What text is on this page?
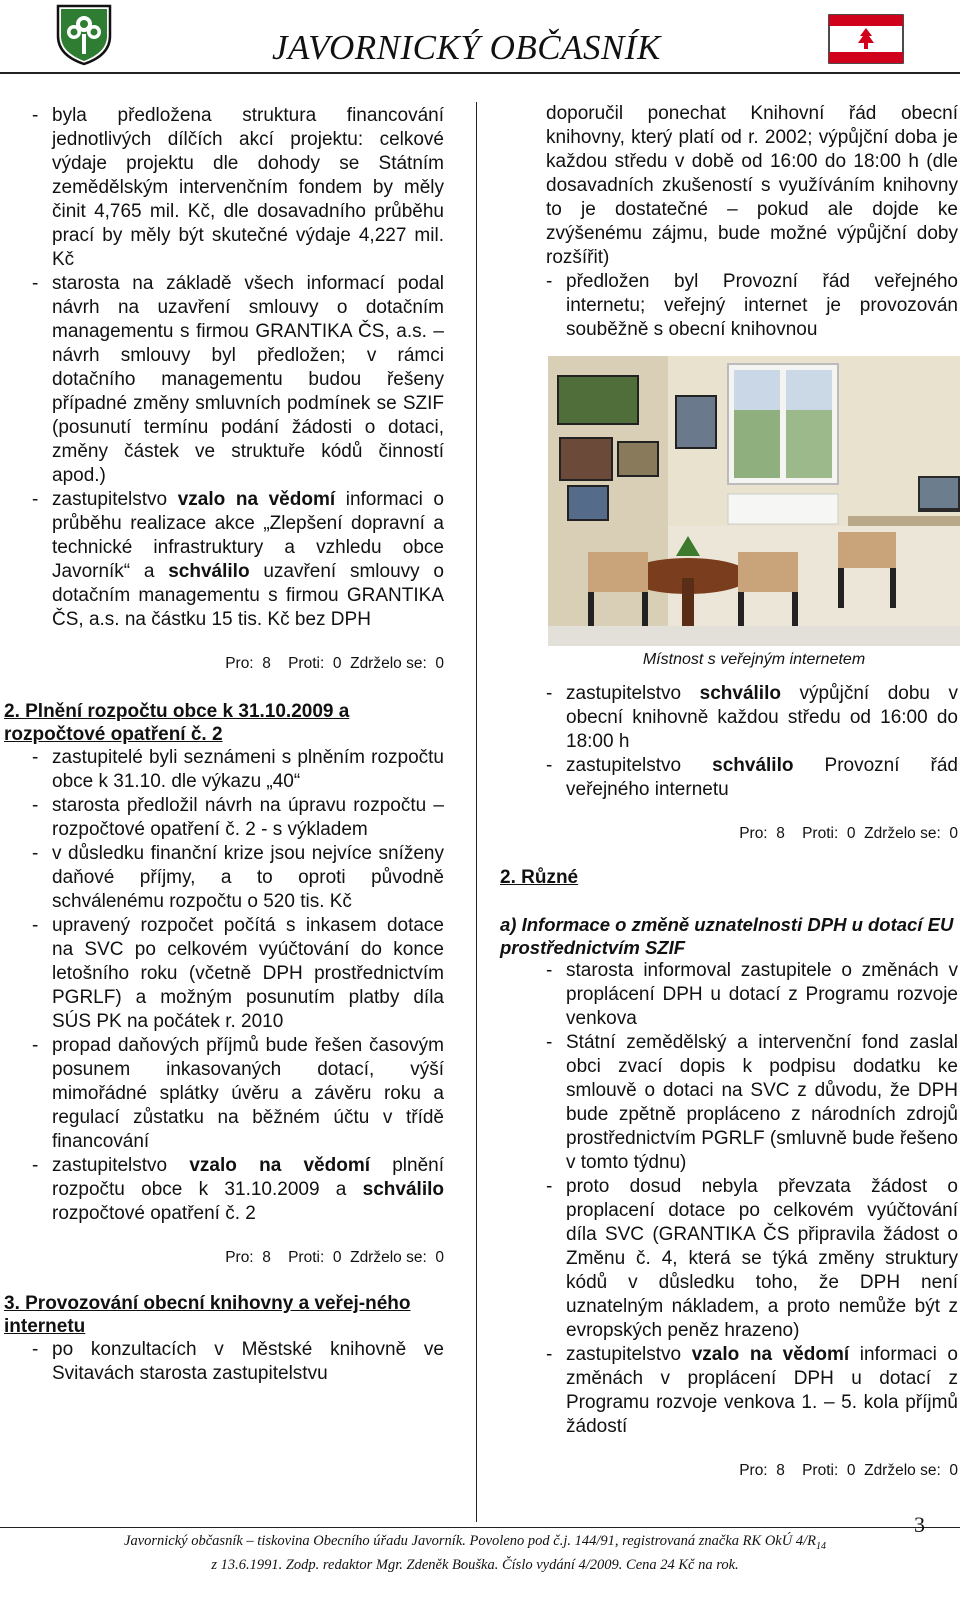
JAVORNICKÝ OBČASNÍK
- byla předložena struktura financování jednotlivých dílčích akcí projektu: celkové výdaje projektu dle dohody se Státním zemědělským intervenčním fondem by měly činit 4,765 mil. Kč, dle dosavadního průběhu prací by měly být skutečné výdaje 4,227 mil. Kč
- starosta na základě všech informací podal návrh na uzavření smlouvy o dotačním managementu s firmou GRANTIKA ČS, a.s. – návrh smlouvy byl předložen; v rámci dotačního managementu budou řešeny případné změny smluvních podmínek se SZIF (posunutí termínu podání žádosti o dotaci, změny částek ve struktuře kódů činností apod.)
- zastupitelstvo vzalo na vědomí informaci o průběhu realizace akce „Zlepšení dopravní a technické infrastruktury a vzhledu obce Javorník“ a schválilo uzavření smlouvy o dotačním managementu s firmou GRANTIKA ČS, a.s. na částku 15 tis. Kč bez DPH
Pro:  8    Proti:  0  Zdrželo se:  0
2. Plnění rozpočtu obce k 31.10.2009 a rozpočtové opatření č. 2
- zastupitelé byli seznámeni s plněním rozpočtu obce k 31.10. dle výkazu „40“
- starosta předložil návrh na úpravu rozpočtu – rozpočtové opatření č. 2 - s výkladem
- v důsledku finanční krize jsou nejvíce sníženy daňové příjmy, a to oproti původně schválenému rozpočtu o 520 tis. Kč
- upravený rozpočet počítá s inkasem dotace na SVC po celkovém vyúčtování do konce letošního roku (včetně DPH prostřednictvím PGRLF) a možným posunutím platby díla SÚS PK na počátek r. 2010
- propad daňových příjmů bude řešen časovým posunem inkasovaných dotací, výší mimořádné splátky úvěru a závěru roku a regulací zůstatku na běžném účtu v třídě financování
- zastupitelstvo vzalo na vědomí plnění rozpočtu obce k 31.10.2009 a schválilo rozpočtové opatření č. 2
Pro:  8    Proti:  0  Zdrželo se:  0
3. Provozování obecní knihovny a veřej-ného internetu
- po konzultacích v Městské knihovně ve Svitavách starosta zastupitelstvu
doporučil ponechat Knihovní řád obecní knihovny, který platí od r. 2002; výpůjční doba je každou středu v době od 16:00 do 18:00 h (dle dosavadních zkušeností s využíváním knihovny to je dostatečné – pokud ale dojde ke zvýšenému zájmu, bude možné výpůjční doby rozšířit)
- předložen byl Provozní řád veřejného internetu; veřejný internet je provozován souběžně s obecní knihovnou
Místnost s veřejným internetem
- zastupitelstvo schválilo výpůjční dobu v obecní knihovně každou středu od 16:00 do 18:00 h
- zastupitelstvo schválilo Provozní řád veřejného internetu
Pro:  8    Proti:  0  Zdrželo se:  0
2. Různé
a) Informace o změně uznatelnosti DPH u dotací EU prostřednictvím SZIF
- starosta informoval zastupitele o změnách v proplácení DPH u dotací z Programu rozvoje venkova
- Státní zemědělský a intervenční fond zaslal obci zvací dopis k podpisu dodatku ke smlouvě o dotaci na SVC z důvodu, že DPH bude zpětně propláceno z národních zdrojů prostřednictvím PGRLF (smluvně bude řešeno v tomto týdnu)
- proto dosud nebyla převzata žádost o proplacení dotace po celkovém vyúčtování díla SVC (GRANTIKA ČS připravila žádost o Změnu č. 4, která se týká změny struktury kódů v důsledku toho, že DPH není uznatelným nákladem, a proto nemůže být z evropských peněz hrazeno)
- zastupitelstvo vzalo na vědomí informaci o změnách v proplácení DPH u dotací z Programu rozvoje venkova 1. – 5. kola příjmů žádostí
Pro:  8    Proti:  0  Zdrželo se:  0
Javornický občasník – tiskovina Obecního úřadu Javorník. Povoleno pod č.j. 144/91, registrovaná značka RK OkÚ $4/R_{14}$
z 13.6.1991. Zodp. redaktor Mgr. Zdeněk Bouška. Číslo vydání 4/2009. Cena 24 Kč na rok.
3
